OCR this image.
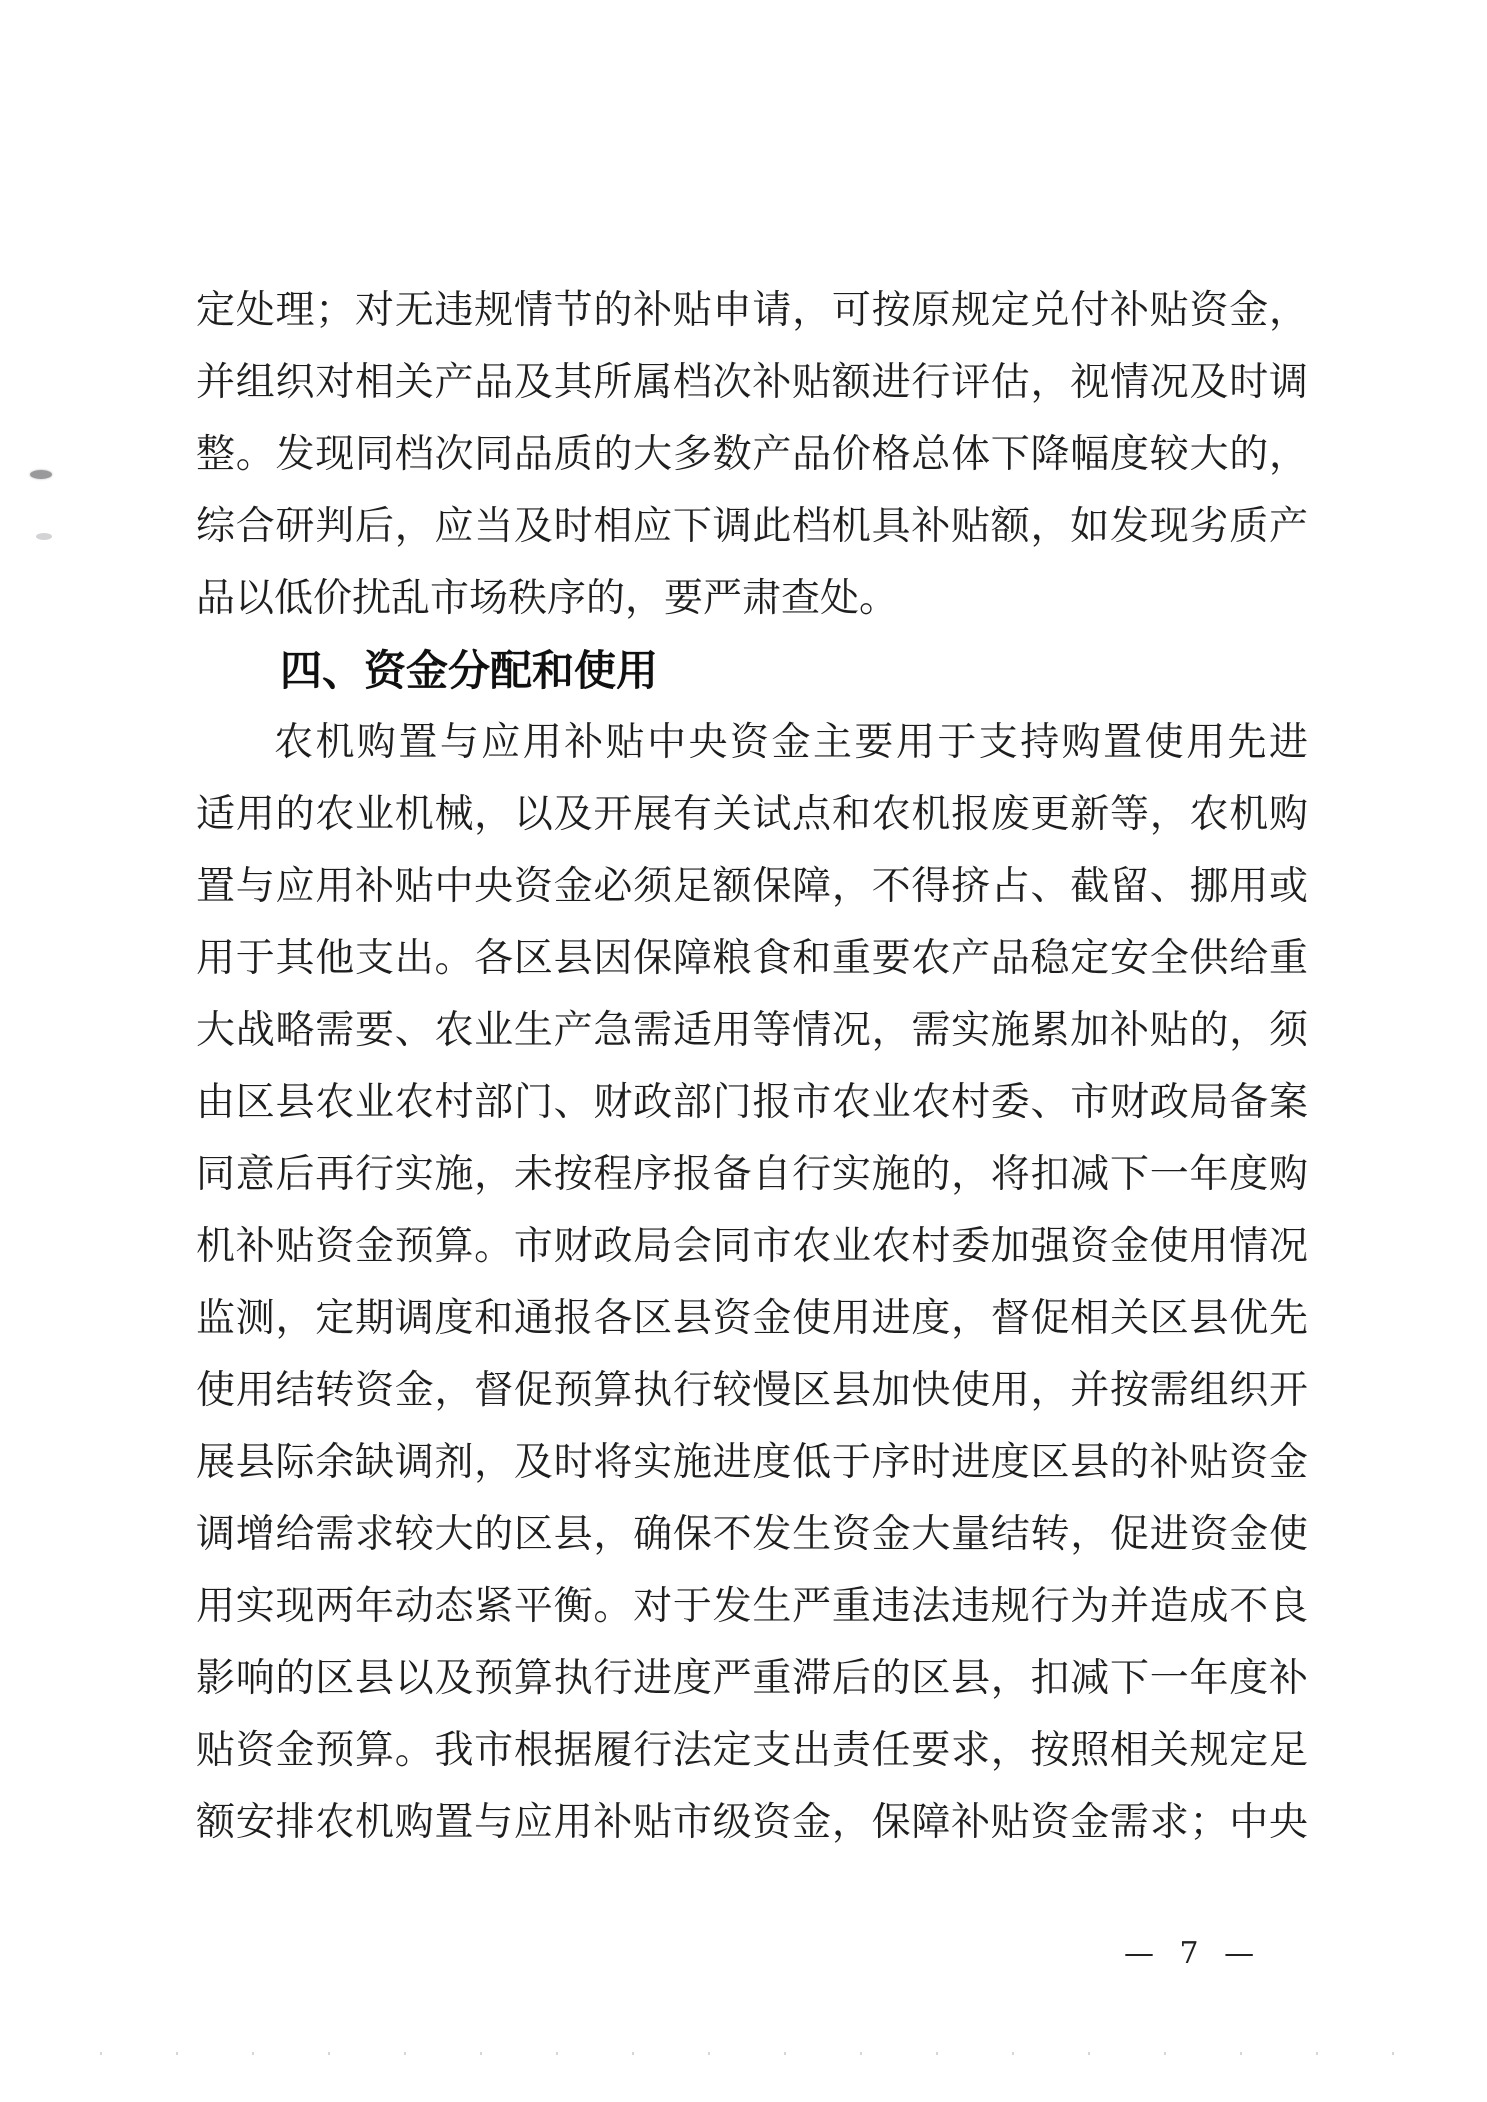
定处理；对无违规情节的补贴申请，可按原规定兑付补贴资金，
并组织对相关产品及其所属档次补贴额进行评估，视情况及时调
整。发现同档次同品质的大多数产品价格总体下降幅度较大的，
综合研判后，应当及时相应下调此档机具补贴额，如发现劣质产
品以低价扰乱市场秩序的，要严肃查处。
四、资金分配和使用
农机购置与应用补贴中央资金主要用于支持购置使用先进
适用的农业机械，以及开展有关试点和农机报废更新等，农机购
置与应用补贴中央资金必须足额保障，不得挤占、截留、挪用或
用于其他支出。各区县因保障粮食和重要农产品稳定安全供给重
大战略需要、农业生产急需适用等情况，需实施累加补贴的，须
由区县农业农村部门、财政部门报市农业农村委、市财政局备案
同意后再行实施，未按程序报备自行实施的，将扣减下一年度购
机补贴资金预算。市财政局会同市农业农村委加强资金使用情况
监测，定期调度和通报各区县资金使用进度，督促相关区县优先
使用结转资金，督促预算执行较慢区县加快使用，并按需组织开
展县际余缺调剂，及时将实施进度低于序时进度区县的补贴资金
调增给需求较大的区县，确保不发生资金大量结转，促进资金使
用实现两年动态紧平衡。对于发生严重违法违规行为并造成不良
影响的区县以及预算执行进度严重滞后的区县，扣减下一年度补
贴资金预算。我市根据履行法定支出责任要求，按照相关规定足
额安排农机购置与应用补贴市级资金，保障补贴资金需求；中央
— 7 —
